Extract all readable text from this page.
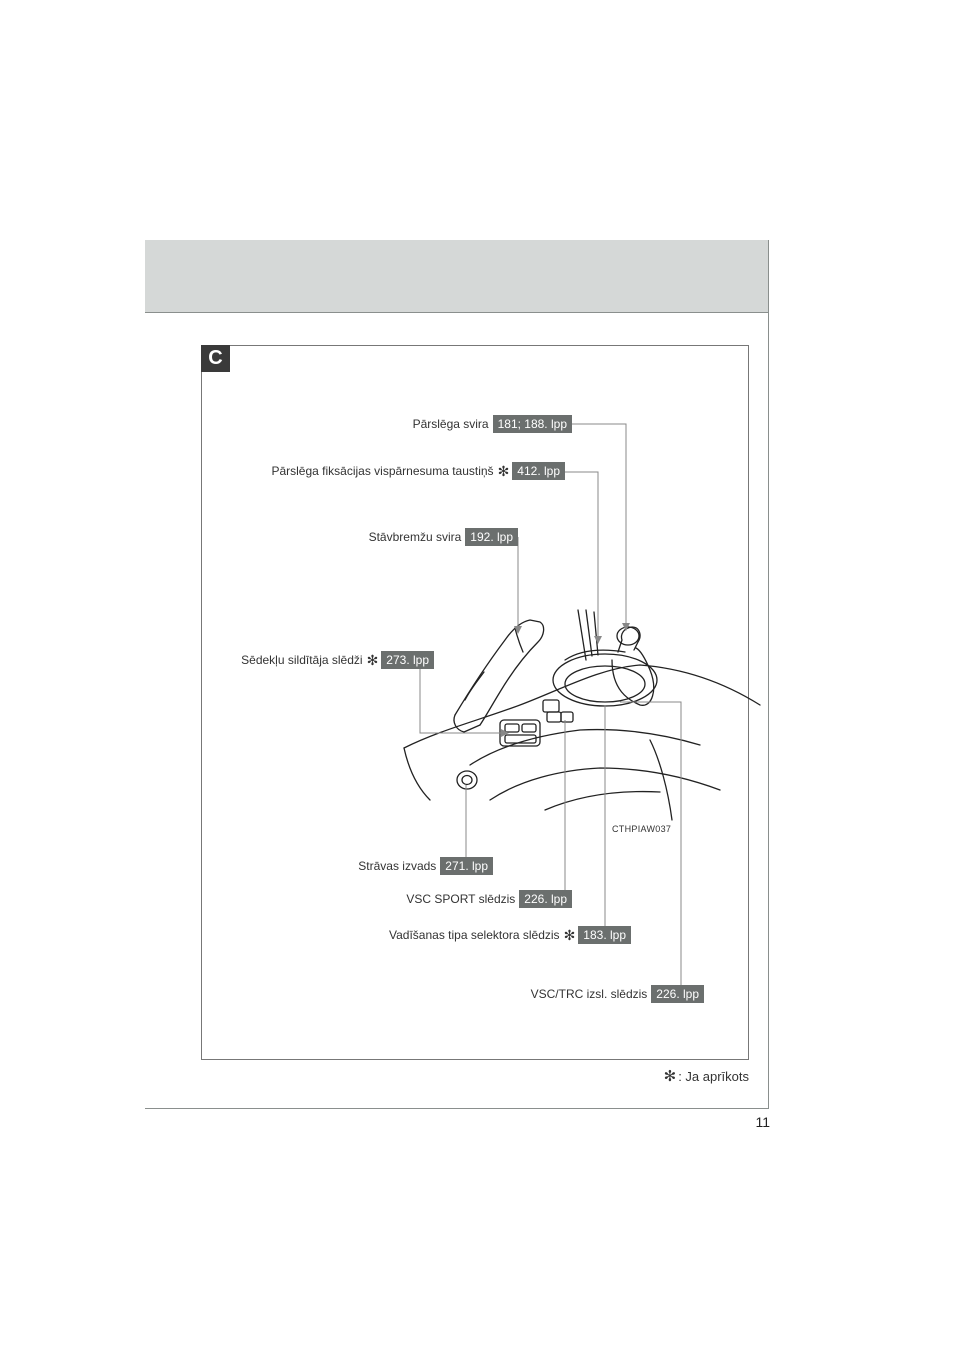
C
Pārslēga svira 181; 188. lpp
Pārslēga fiksācijas vispārnesuma taustiņš ✻ 412. lpp
Stāvbremžu svira 192. lpp
Sēdekļu sildītāja slēdži ✻ 273. lpp
Strāvas izvads 271. lpp
VSC SPORT slēdzis 226. lpp
Vadīšanas tipa selektora slēdzis ✻ 183. lpp
VSC/TRC izsl. slēdzis 226. lpp
CTHPIAW037
✻ : Ja aprīkots
11
